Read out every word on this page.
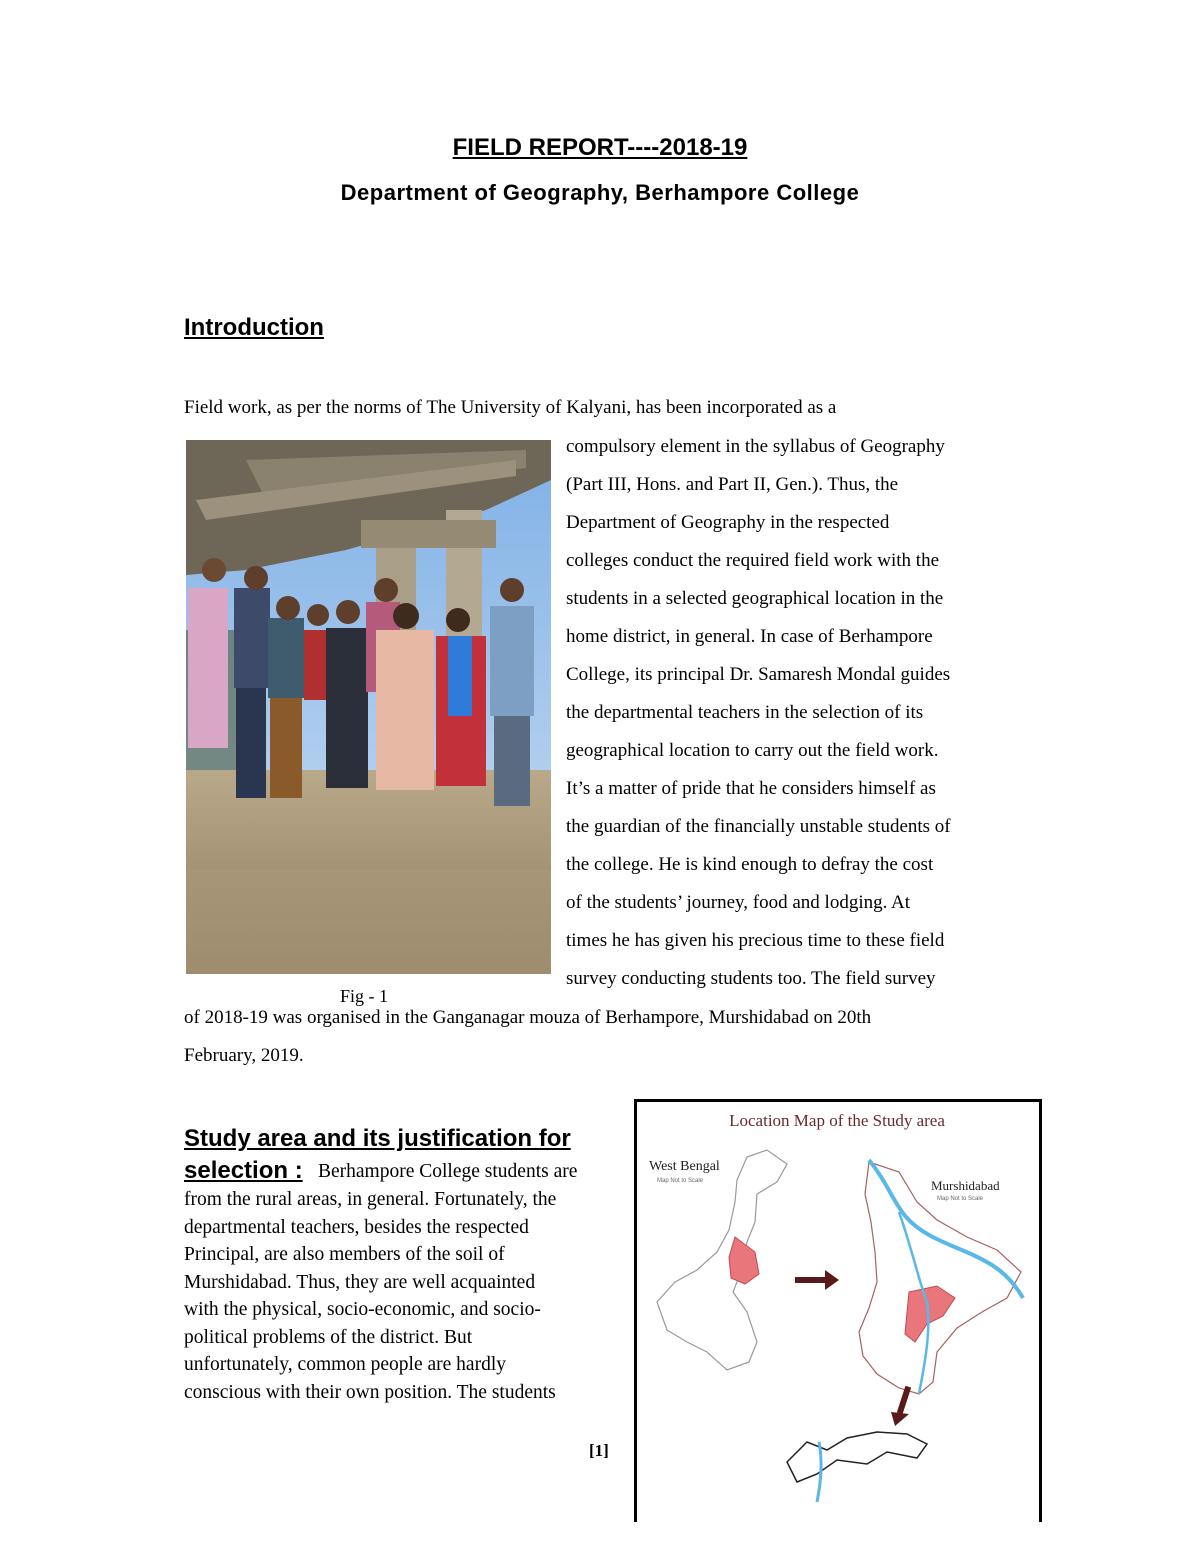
FIELD REPORT----2018-19
Department of Geography, Berhampore College
Introduction
Field work, as per the norms of The University of Kalyani, has been incorporated as a
compulsory element in the syllabus of Geography
(Part III, Hons. and Part II, Gen.). Thus, the
Department of Geography in the respected
colleges conduct the required field work with the
students in a selected geographical location in the
home district, in general. In case of Berhampore
College, its principal Dr. Samaresh Mondal guides
the departmental teachers in the selection of its
geographical location to carry out the field work.
It’s a matter of pride that he considers himself as
the guardian of the financially unstable students of
the college. He is kind enough to defray the cost
of the students’ journey, food and lodging. At
times he has given his precious time to these field
survey conducting students too. The field survey
of 2018-19 was organised in the Ganganagar mouza of Berhampore, Murshidabad on 20th
February, 2019.
Fig - 1
Study area and its justification for
selection : Berhampore College students are
from the rural areas, in general. Fortunately, the
departmental teachers, besides the respected
Principal, are also members of the soil of
Murshidabad. Thus, they are well acquainted
with the physical, socio-economic, and socio-
political problems of the district. But
unfortunately, common people are hardly
conscious with their own position. The students
Location Map of the Study area
West Bengal
Map Not to Scale	Murshidabad
Map Not to Scale
[1]
